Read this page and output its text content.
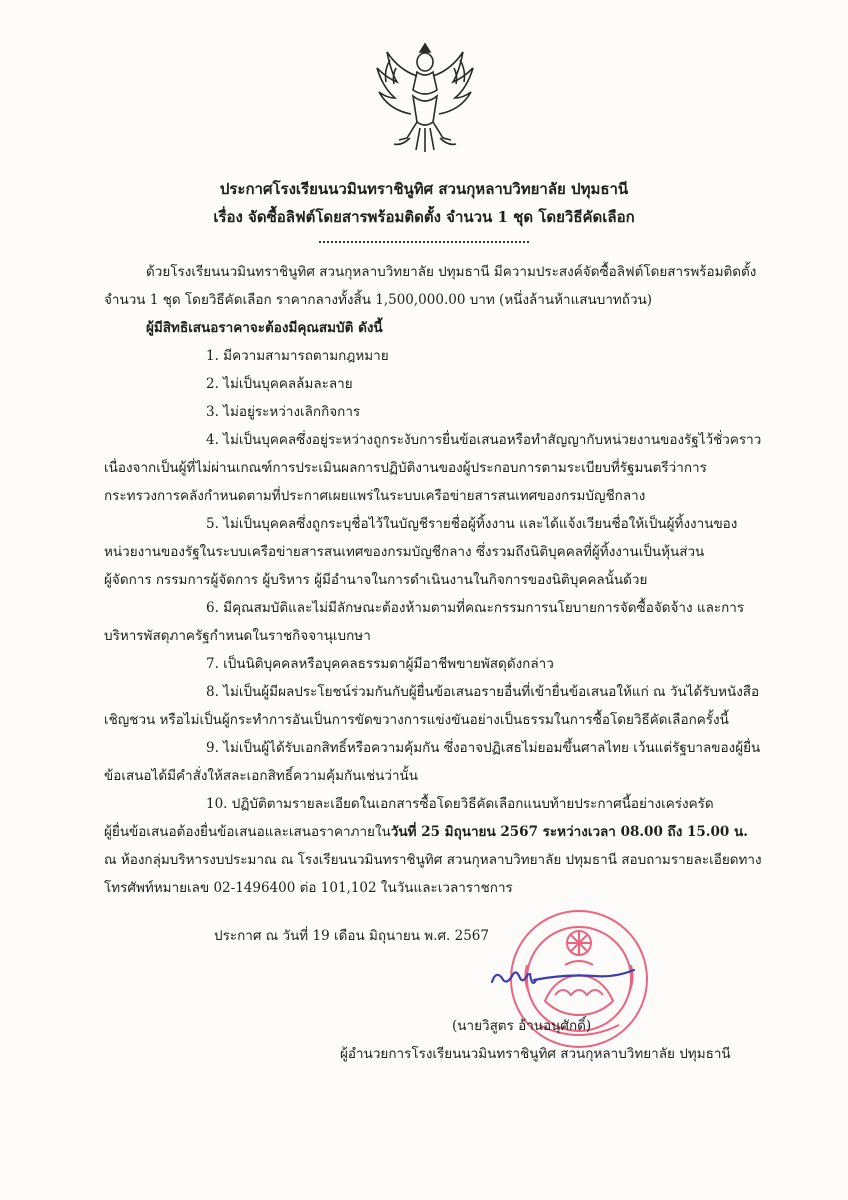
ประกาศโรงเรียนนวมินทราชินูทิศ สวนกุหลาบวิทยาลัย ปทุมธานี
เรื่อง จัดซื้อลิฟต์โดยสารพร้อมติดตั้ง จำนวน 1 ชุด โดยวิธีคัดเลือก
ด้วยโรงเรียนนวมินทราชินูทิศ สวนกุหลาบวิทยาลัย ปทุมธานี มีความประสงค์จัดซื้อลิฟต์โดยสารพร้อมติดตั้ง
จำนวน 1 ชุด โดยวิธีคัดเลือก ราคากลางทั้งสิ้น 1,500,000.00 บาท (หนึ่งล้านห้าแสนบาทถ้วน)
ผู้มีสิทธิเสนอราคาจะต้องมีคุณสมบัติ ดังนี้
1. มีความสามารถตามกฎหมาย
2. ไม่เป็นบุคคลล้มละลาย
3. ไม่อยู่ระหว่างเลิกกิจการ
4. ไม่เป็นบุคคลซึ่งอยู่ระหว่างถูกระงับการยื่นข้อเสนอหรือทำสัญญากับหน่วยงานของรัฐไว้ชั่วคราว
เนื่องจากเป็นผู้ที่ไม่ผ่านเกณฑ์การประเมินผลการปฏิบัติงานของผู้ประกอบการตามระเบียบที่รัฐมนตรีว่าการ
กระทรวงการคลังกำหนดตามที่ประกาศเผยแพร่ในระบบเครือข่ายสารสนเทศของกรมบัญชีกลาง
5. ไม่เป็นบุคคลซึ่งถูกระบุชื่อไว้ในบัญชีรายชื่อผู้ทิ้งงาน และได้แจ้งเวียนชื่อให้เป็นผู้ทิ้งงานของ
หน่วยงานของรัฐในระบบเครือข่ายสารสนเทศของกรมบัญชีกลาง ซึ่งรวมถึงนิติบุคคลที่ผู้ทิ้งงานเป็นหุ้นส่วน
ผู้จัดการ กรรมการผู้จัดการ ผู้บริหาร ผู้มีอำนาจในการดำเนินงานในกิจการของนิติบุคคลนั้นด้วย
6. มีคุณสมบัติและไม่มีลักษณะต้องห้ามตามที่คณะกรรมการนโยบายการจัดซื้อจัดจ้าง และการ
บริหารพัสดุภาครัฐกำหนดในราชกิจจานุเบกษา
7. เป็นนิติบุคคลหรือบุคคลธรรมดาผู้มีอาชีพขายพัสดุดังกล่าว
8. ไม่เป็นผู้มีผลประโยชน์ร่วมกันกับผู้ยื่นข้อเสนอรายอื่นที่เข้ายื่นข้อเสนอให้แก่ ณ วันได้รับหนังสือ
เชิญชวน หรือไม่เป็นผู้กระทำการอันเป็นการขัดขวางการแข่งขันอย่างเป็นธรรมในการซื้อโดยวิธีคัดเลือกครั้งนี้
9. ไม่เป็นผู้ได้รับเอกสิทธิ์หรือความคุ้มกัน ซึ่งอาจปฏิเสธไม่ยอมขึ้นศาลไทย เว้นแต่รัฐบาลของผู้ยื่น
ข้อเสนอได้มีคำสั่งให้สละเอกสิทธิ์ความคุ้มกันเช่นว่านั้น
10. ปฏิบัติตามรายละเอียดในเอกสารซื้อโดยวิธีคัดเลือกแนบท้ายประกาศนี้อย่างเคร่งครัด
ผู้ยื่นข้อเสนอต้องยื่นข้อเสนอและเสนอราคาภายในวันที่ 25 มิถุนายน 2567 ระหว่างเวลา 08.00 ถึง 15.00 น.
ณ ห้องกลุ่มบริหารงบประมาณ ณ โรงเรียนนวมินทราชินูทิศ สวนกุหลาบวิทยาลัย ปทุมธานี สอบถามรายละเอียดทาง
โทรศัพท์หมายเลข 02-1496400 ต่อ 101,102 ในวันและเวลาราชการ
ประกาศ ณ วันที่ 19 เดือน มิถุนายน พ.ศ. 2567
(นายวิสูตร อ้านอนุศักดิ์)
ผู้อำนวยการโรงเรียนนวมินทราชินูทิศ สวนกุหลาบวิทยาลัย ปทุมธานี
